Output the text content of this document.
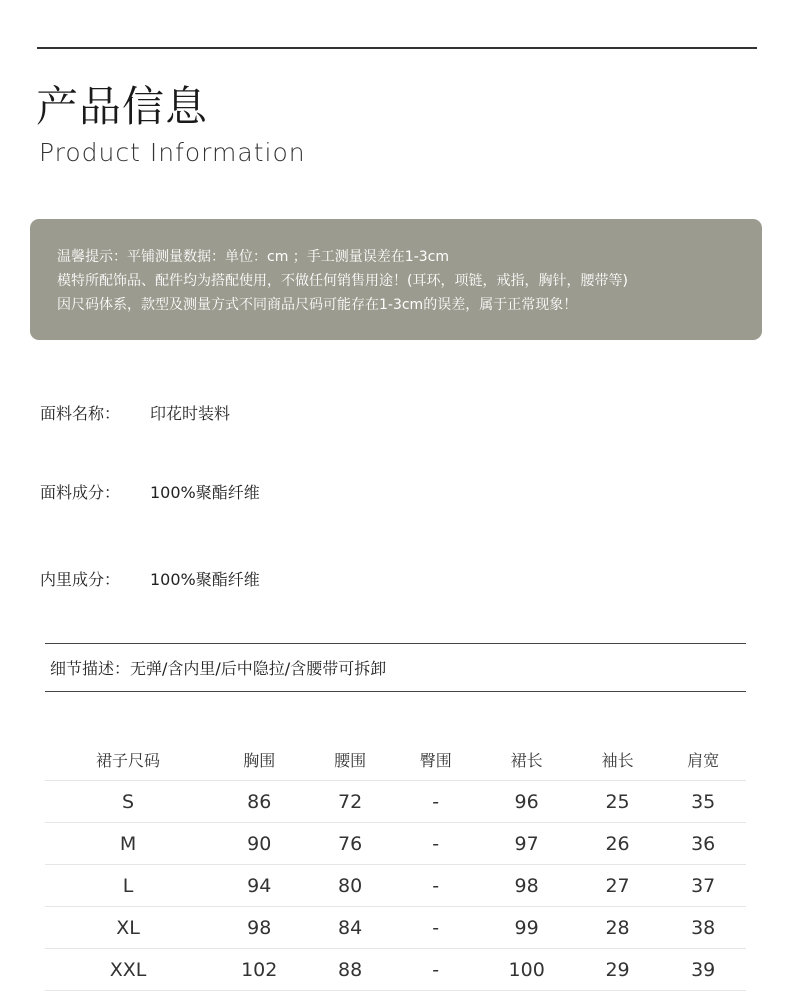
产品信息
Product Information
温馨提示：平铺测量数据：单位：cm ；手工测量误差在1-3cm
模特所配饰品、配件均为搭配使用，不做任何销售用途！(耳环，项链，戒指，胸针，腰带等)
因尺码体系，款型及测量方式不同商品尺码可能存在1-3cm的误差，属于正常现象！
面料名称： 印花时装料
面料成分： 100%聚酯纤维
内里成分： 100%聚酯纤维
细节描述：无弹/含内里/后中隐拉/含腰带可拆卸
裙子尺码	胸围	腰围	臀围	裙长	袖长	肩宽
S	86	72	-	96	25	35
M	90	76	-	97	26	36
L	94	80	-	98	27	37
XL	98	84	-	99	28	38
XXL	102	88	-	100	29	39
